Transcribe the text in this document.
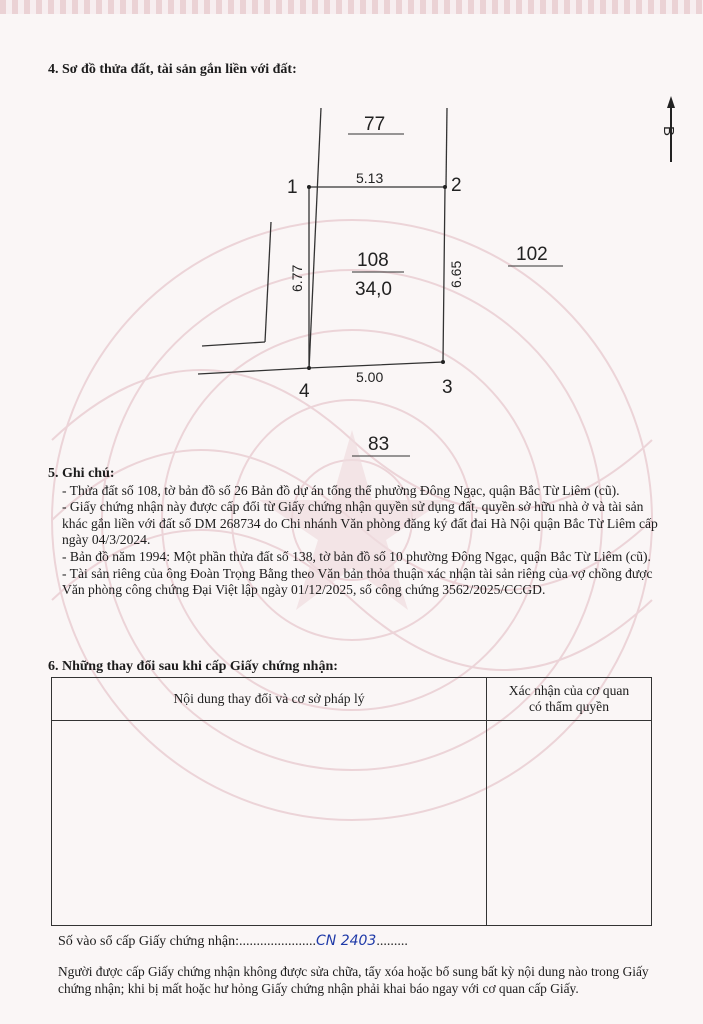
4. Sơ đồ thửa đất, tài sản gắn liền với đất:
B
77
102
83
108
34,0
1	2
3
4
5.13
5.00
6.65
6.77
5. Ghi chú:

- Thửa đất số 108, tờ bản đồ số 26 Bản đồ dự án tổng thể phường Đông Ngạc, quận Bắc Từ Liêm (cũ).

- Giấy chứng nhận này được cấp đổi từ Giấy chứng nhận quyền sử dụng đất, quyền sở hữu nhà ở và tài sản khác gắn liền với đất số DM 268734 do Chi nhánh Văn phòng đăng ký đất đai Hà Nội quận Bắc Từ Liêm cấp ngày 04/3/2024.

- Bản đồ năm 1994: Một phần thửa đất số 138, tờ bản đồ số 10 phường Đông Ngạc, quận Bắc Từ Liêm (cũ).

- Tài sản riêng của ông Đoàn Trọng Bằng theo Văn bản thỏa thuận xác nhận tài sản riêng của vợ chồng được Văn phòng công chứng Đại Việt lập ngày 01/12/2025, số công chứng 3562/2025/CCGD.

6. Những thay đổi sau khi cấp Giấy chứng nhận:
Nội dung thay đổi và cơ sở pháp lý	Xác nhận của cơ quan
có thẩm quyền

Số vào sổ cấp Giấy chứng nhận:......................CN 2403.........
Người được cấp Giấy chứng nhận không được sửa chữa, tẩy xóa hoặc bổ sung bất kỳ nội dung nào trong Giấy chứng nhận; khi bị mất hoặc hư hỏng Giấy chứng nhận phải khai báo ngay với cơ quan cấp Giấy.
